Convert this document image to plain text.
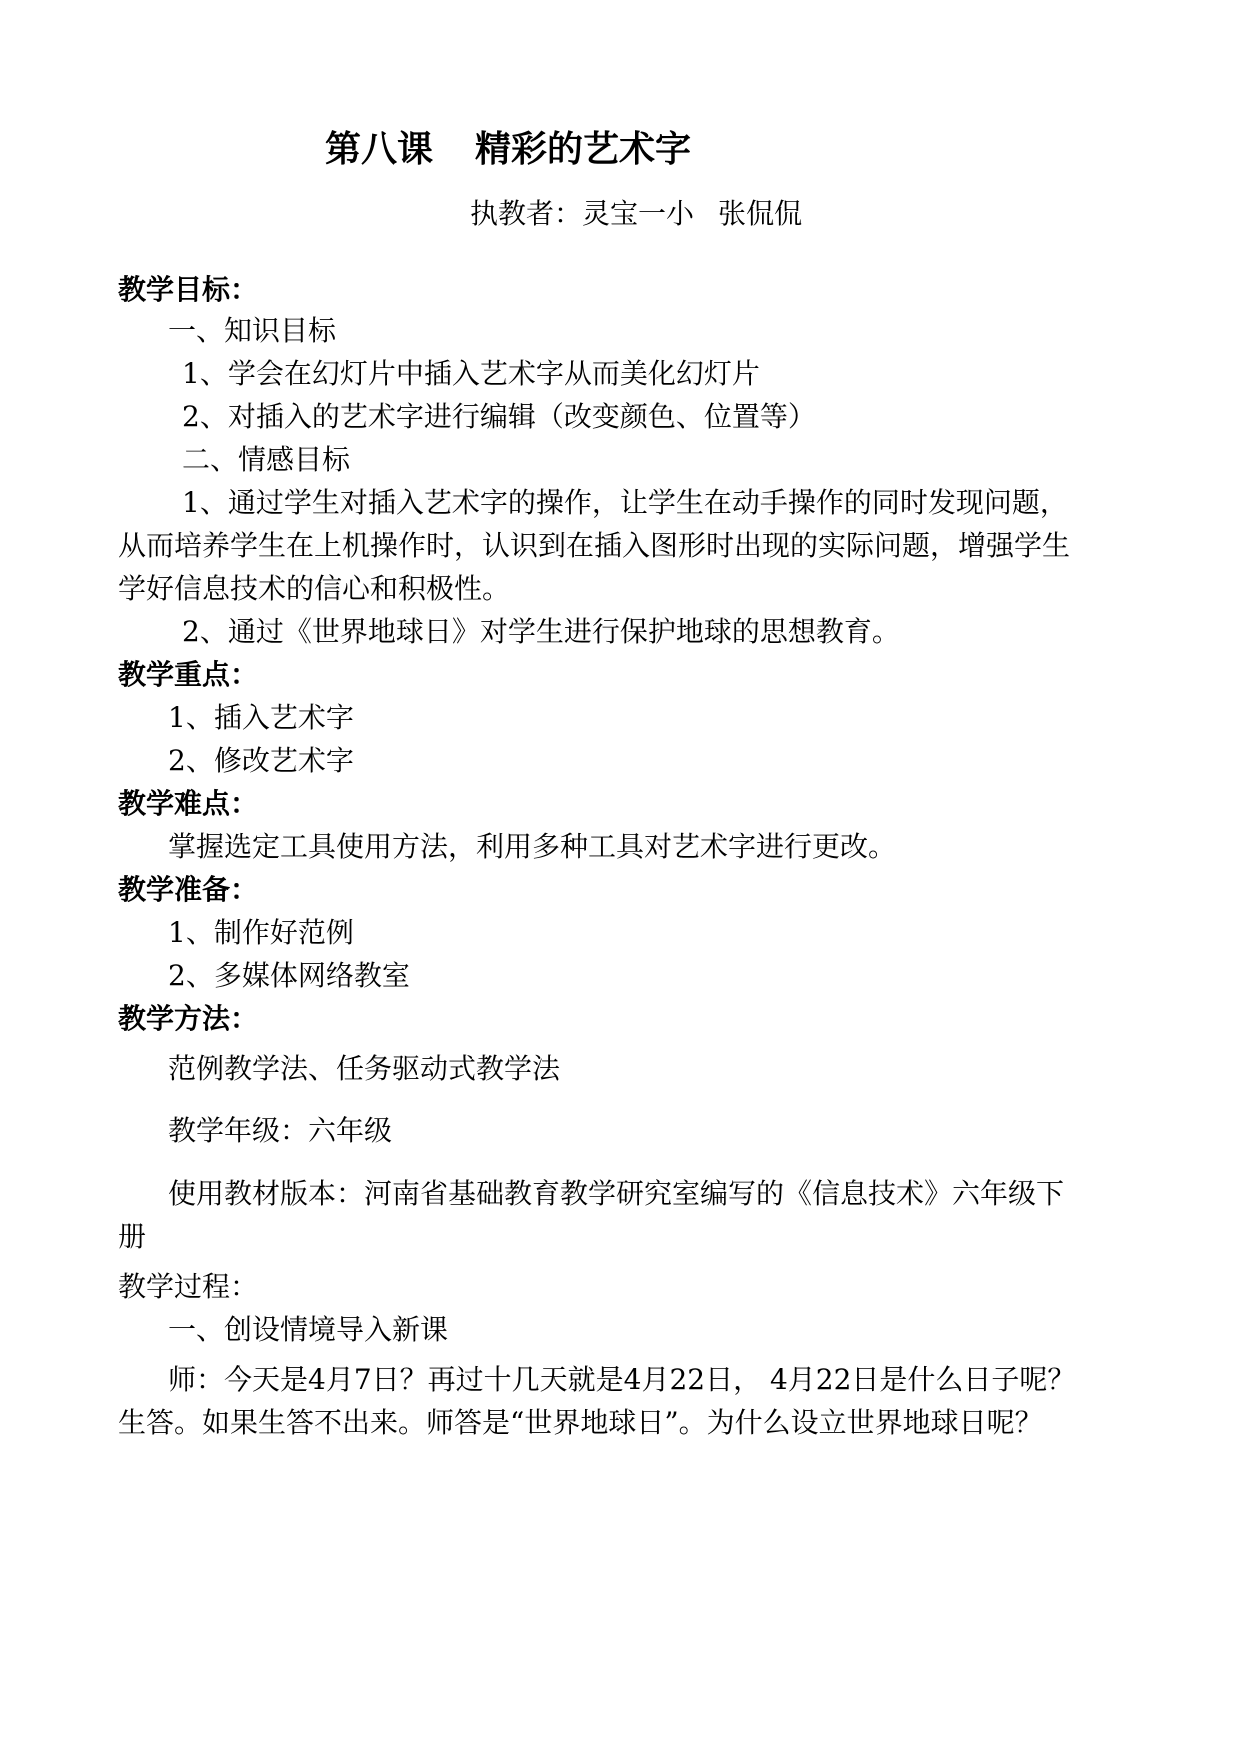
第八课 精彩的艺术字
执教者：灵宝一小 张侃侃
教学目标：
一、知识目标
1、学会在幻灯片中插入艺术字从而美化幻灯片
2、对插入的艺术字进行编辑（改变颜色、位置等）
二、情感目标
1、通过学生对插入艺术字的操作，让学生在动手操作的同时发现问题，
从而培养学生在上机操作时，认识到在插入图形时出现的实际问题，增强学生
学好信息技术的信心和积极性。
2、通过《世界地球日》对学生进行保护地球的思想教育。
教学重点：
1、插入艺术字
2、修改艺术字
教学难点：
掌握选定工具使用方法，利用多种工具对艺术字进行更改。
教学准备：
1、制作好范例
2、多媒体网络教室
教学方法：
范例教学法、任务驱动式教学法
教学年级：六年级
使用教材版本：河南省基础教育教学研究室编写的《信息技术》六年级下
册
教学过程：
一、创设情境导入新课
师：今天是4月7日？再过十几天就是4月22日， 4月22日是什么日子呢？
生答。如果生答不出来。师答是“世界地球日”。为什么设立世界地球日呢？
